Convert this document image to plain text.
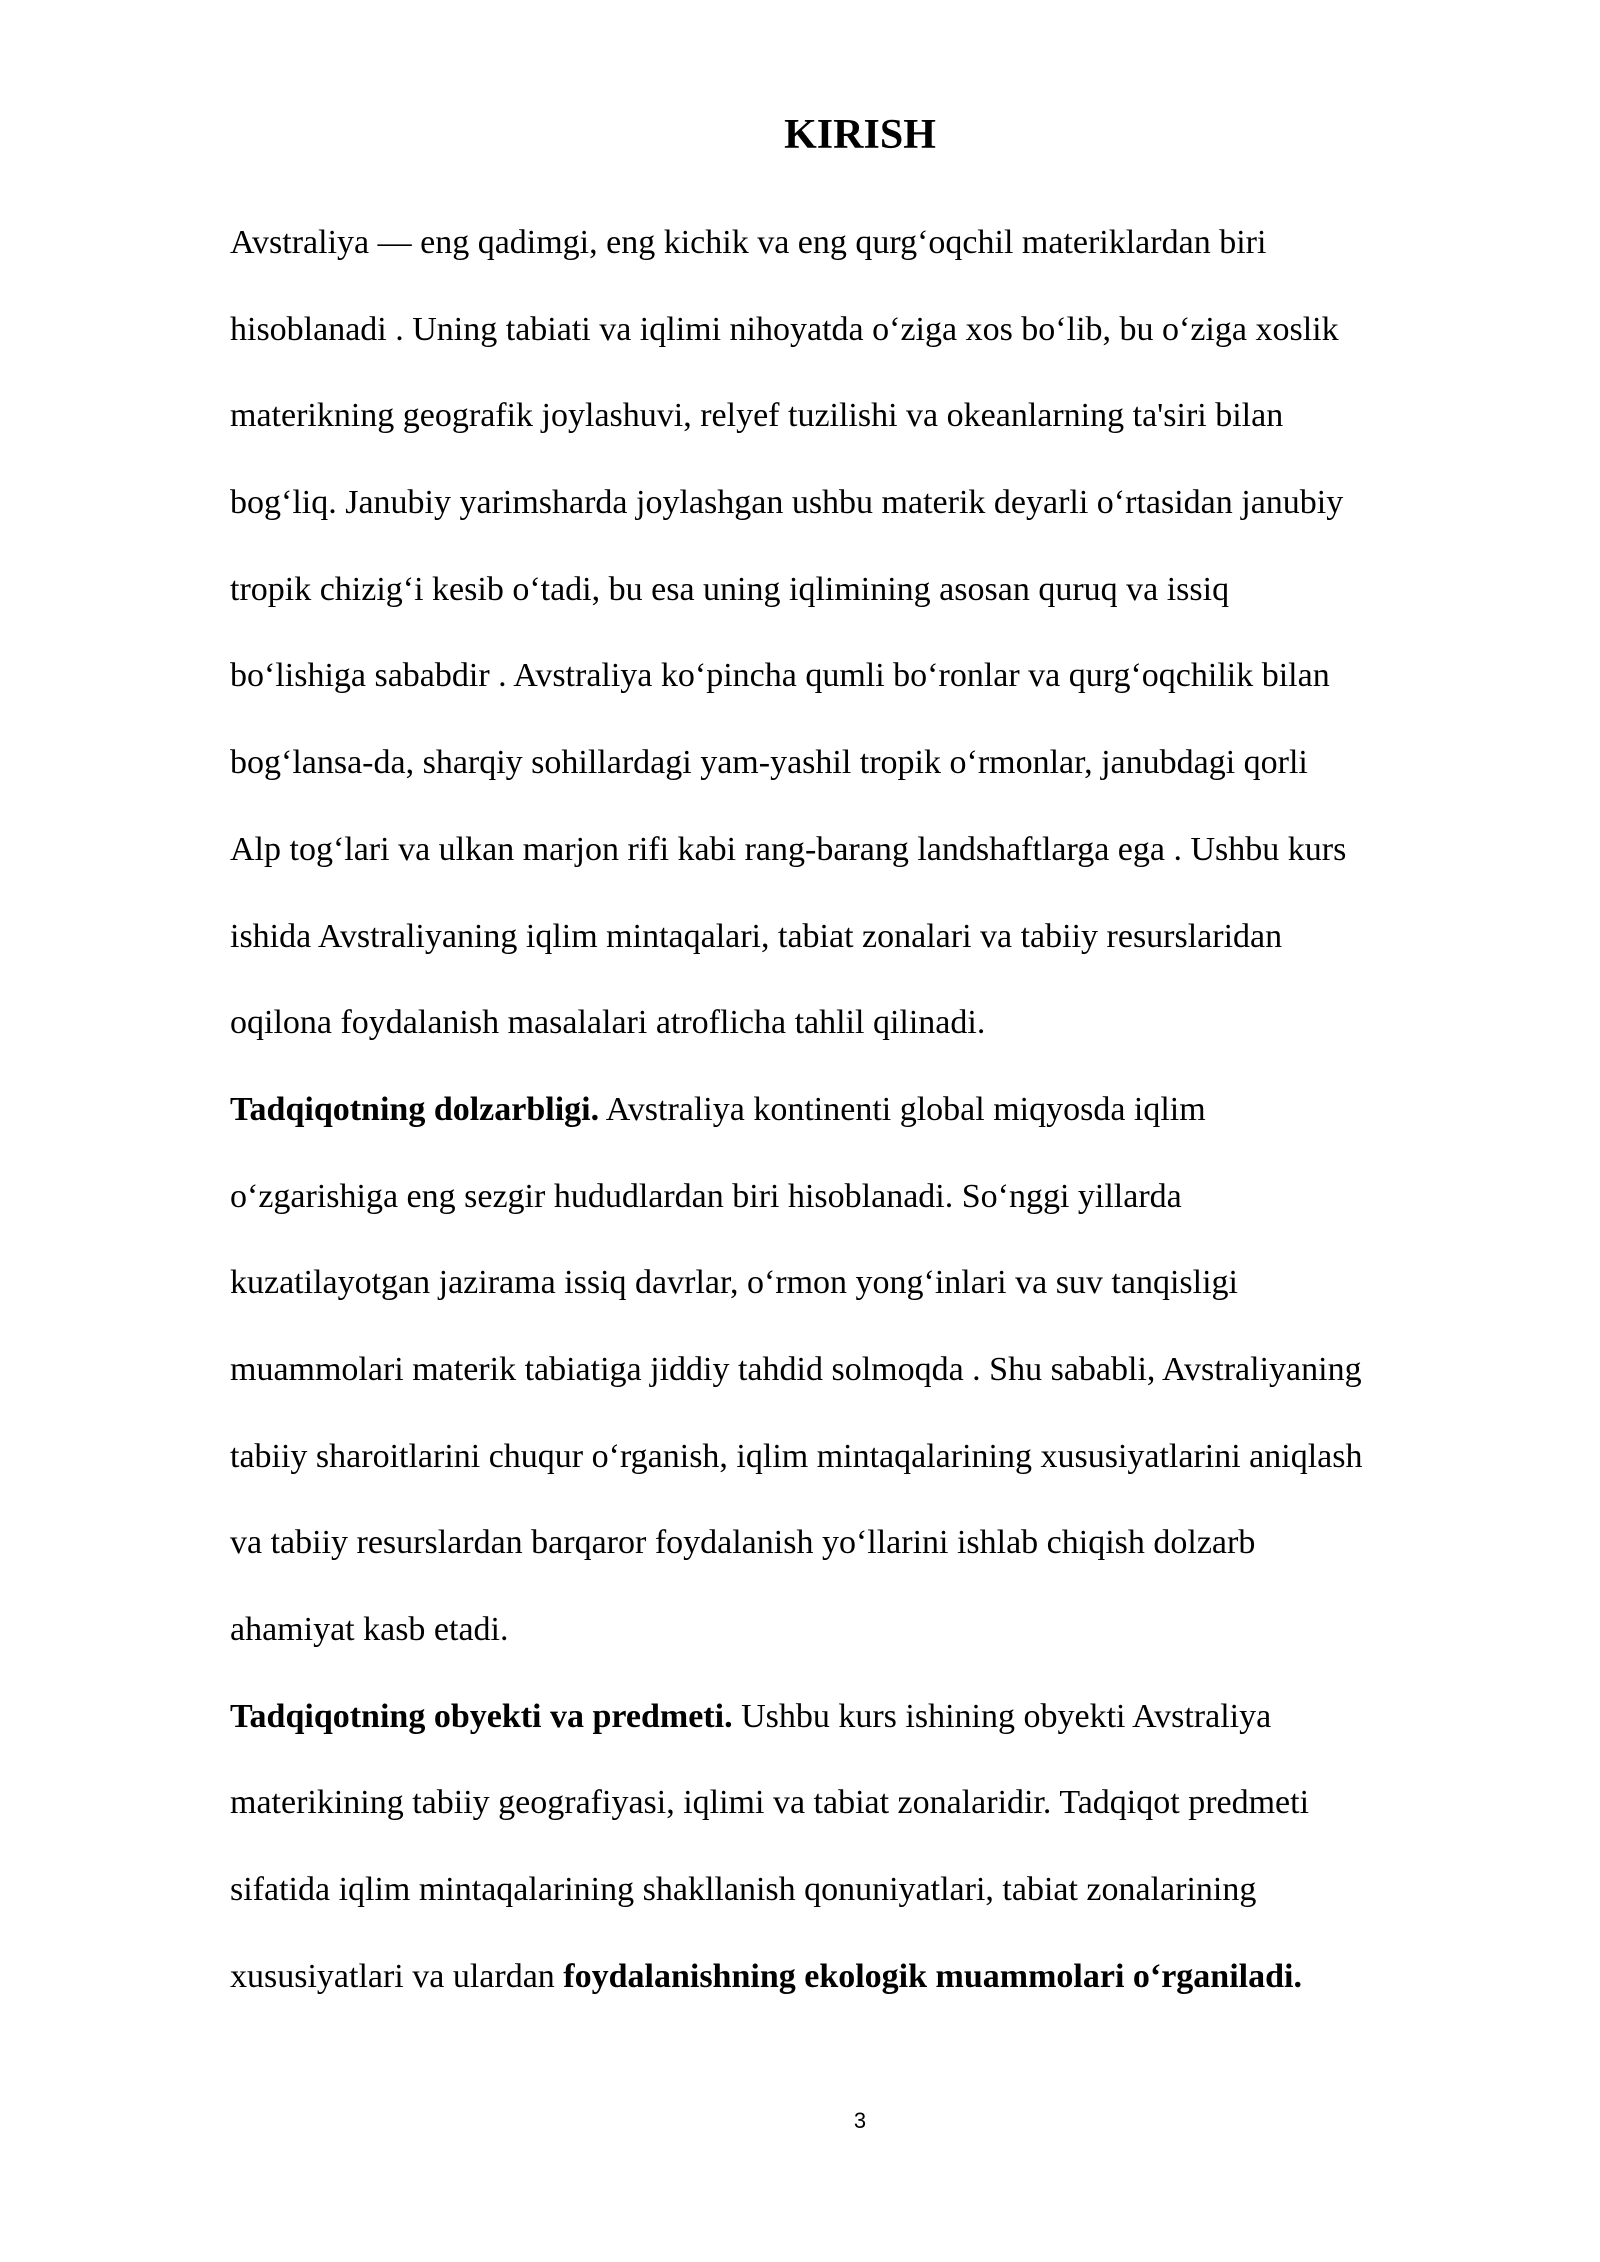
KIRISH
Avstraliya — eng qadimgi, eng kichik va eng qurg‘oqchil materiklardan biri
hisoblanadi . Uning tabiati va iqlimi nihoyatda o‘ziga xos bo‘lib, bu o‘ziga xoslik
materikning geografik joylashuvi, relyef tuzilishi va okeanlarning ta'siri bilan
bog‘liq. Janubiy yarimsharda joylashgan ushbu materik deyarli o‘rtasidan janubiy
tropik chizig‘i kesib o‘tadi, bu esa uning iqlimining asosan quruq va issiq
bo‘lishiga sababdir . Avstraliya ko‘pincha qumli bo‘ronlar va qurg‘oqchilik bilan
bog‘lansa-da, sharqiy sohillardagi yam-yashil tropik o‘rmonlar, janubdagi qorli
Alp tog‘lari va ulkan marjon rifi kabi rang-barang landshaftlarga ega . Ushbu kurs
ishida Avstraliyaning iqlim mintaqalari, tabiat zonalari va tabiiy resurslaridan
oqilona foydalanish masalalari atroflicha tahlil qilinadi.
Tadqiqotning dolzarbligi. Avstraliya kontinenti global miqyosda iqlim
o‘zgarishiga eng sezgir hududlardan biri hisoblanadi. So‘nggi yillarda
kuzatilayotgan jazirama issiq davrlar, o‘rmon yong‘inlari va suv tanqisligi
muammolari materik tabiatiga jiddiy tahdid solmoqda . Shu sababli, Avstraliyaning
tabiiy sharoitlarini chuqur o‘rganish, iqlim mintaqalarining xususiyatlarini aniqlash
va tabiiy resurslardan barqaror foydalanish yo‘llarini ishlab chiqish dolzarb
ahamiyat kasb etadi.
Tadqiqotning obyekti va predmeti. Ushbu kurs ishining obyekti Avstraliya
materikining tabiiy geografiyasi, iqlimi va tabiat zonalaridir. Tadqiqot predmeti
sifatida iqlim mintaqalarining shakllanish qonuniyatlari, tabiat zonalarining
xususiyatlari va ulardan foydalanishning ekologik muammolari o‘rganiladi.
3
